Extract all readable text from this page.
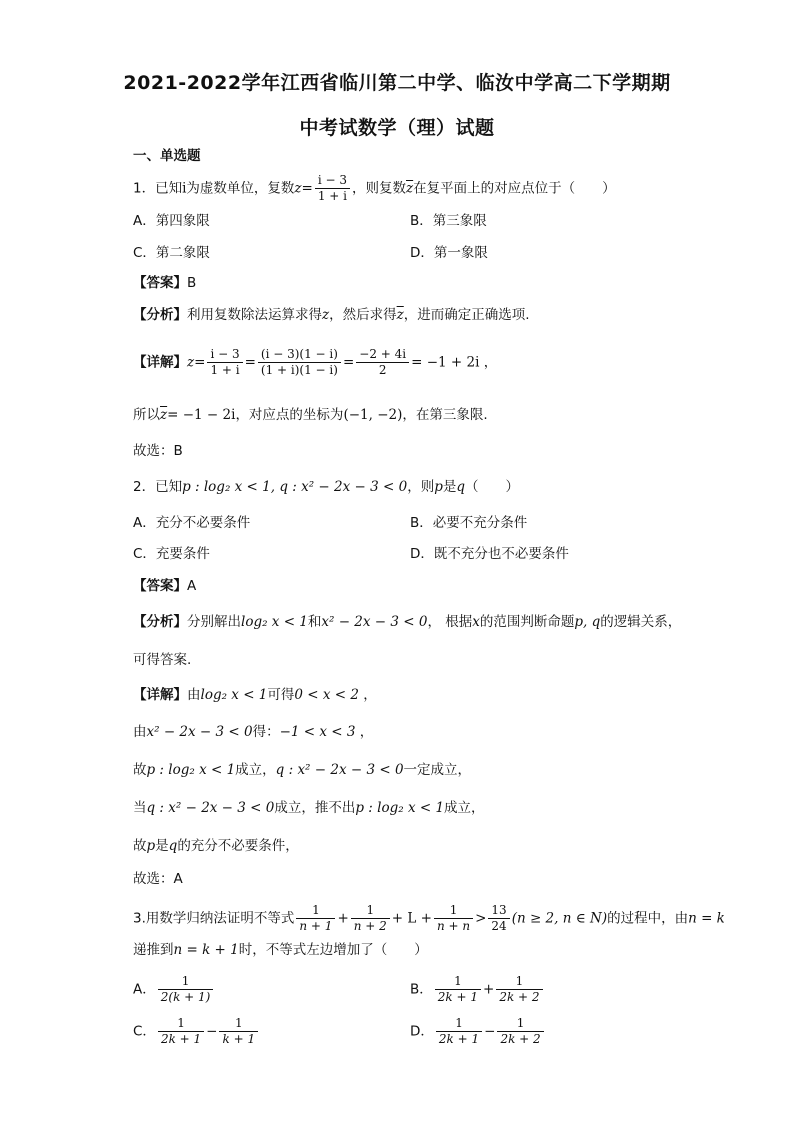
2021-2022学年江西省临川第二中学、临汝中学高二下学期期
中考试数学（理）试题
一、单选题
1．已知i为虚数单位，复数$z= \frac{i - 3}{1 + i}$ ，则复数$\overline{z}$在复平面上的对应点位于（　　）
A．第四象限	B．第三象限
C．第二象限	D．第一象限
【答案】B
【分析】利用复数除法运算求得z，然后求得$\overline{z}$，进而确定正确选项.
【详解】$z= \frac{i - 3}{1 + i} = \frac{(i - 3)(1 - i)}{(1 + i)(1 - i)} = \frac{-2 + 4i}{2} = -1 + 2i$ ，
所以$\overline{z}= -1 - 2i$，对应点的坐标为(−1, −2)，在第三象限.
故选：B
2．已知p : log₂ x < 1, q : x² − 2x − 3 < 0，则p是q（　　）
A．充分不必要条件	B．必要不充分条件
C．充要条件	D．既不充分也不必要条件
【答案】A
【分析】分别解出log₂ x < 1和x² − 2x − 3 < 0， 根据x的范围判断命题p, q的逻辑关系，
可得答案.
【详解】由log₂ x < 1可得0 < x < 2 ，
由x² − 2x − 3 < 0得：−1 < x < 3 ，
故p : log₂ x < 1成立，q : x² − 2x − 3 < 0一定成立，
当q : x² − 2x − 3 < 0成立，推不出p : log₂ x < 1成立，
故p是q的充分不必要条件，
故选：A
3.用数学归纳法证明不等式 $\frac{1}{n + 1} + \frac{1}{n + 2} + L + \frac{1}{n + n} > \frac{13}{24} (n \ge 2$, n ∈ N)的过程中，由n = k
递推到n = k + 1时，不等式左边增加了（　　）
A． $\frac{1}{2(k + 1)}$	B． $\frac{1}{2k + 1} + \frac{1}{2k + 2}$
C． $\frac{1}{2k + 1} - \frac{1}{k + 1}$	D． $\frac{1}{2k + 1} - \frac{1}{2k + 2}$
